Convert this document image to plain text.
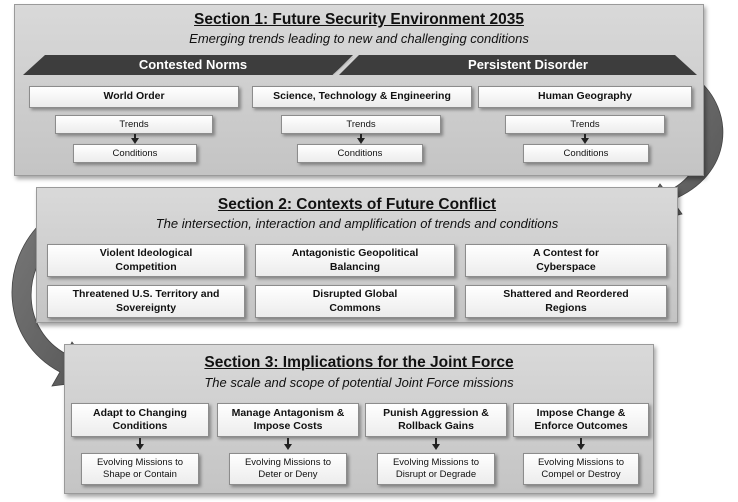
Section 1: Future Security Environment 2035
Emerging trends leading to new and challenging conditions
Contested Norms	Persistent Disorder
World Order
Trends
Conditions
Science, Technology & Engineering
Trends
Conditions
Human Geography
Trends
Conditions
Section 2: Contexts of Future Conflict
The intersection, interaction and amplification of trends and conditions
Violent Ideological Competition
Antagonistic Geopolitical Balancing
A Contest for Cyberspace
Threatened U.S. Territory and Sovereignty
Disrupted Global Commons
Shattered and Reordered Regions
Section 3: Implications for the Joint Force
The scale and scope of potential Joint Force missions
Adapt to Changing Conditions
Evolving Missions to Shape or Contain
Manage Antagonism & Impose Costs
Evolving Missions to Deter or Deny
Punish Aggression & Rollback Gains
Evolving Missions to Disrupt or Degrade
Impose Change & Enforce Outcomes
Evolving Missions to Compel or Destroy
